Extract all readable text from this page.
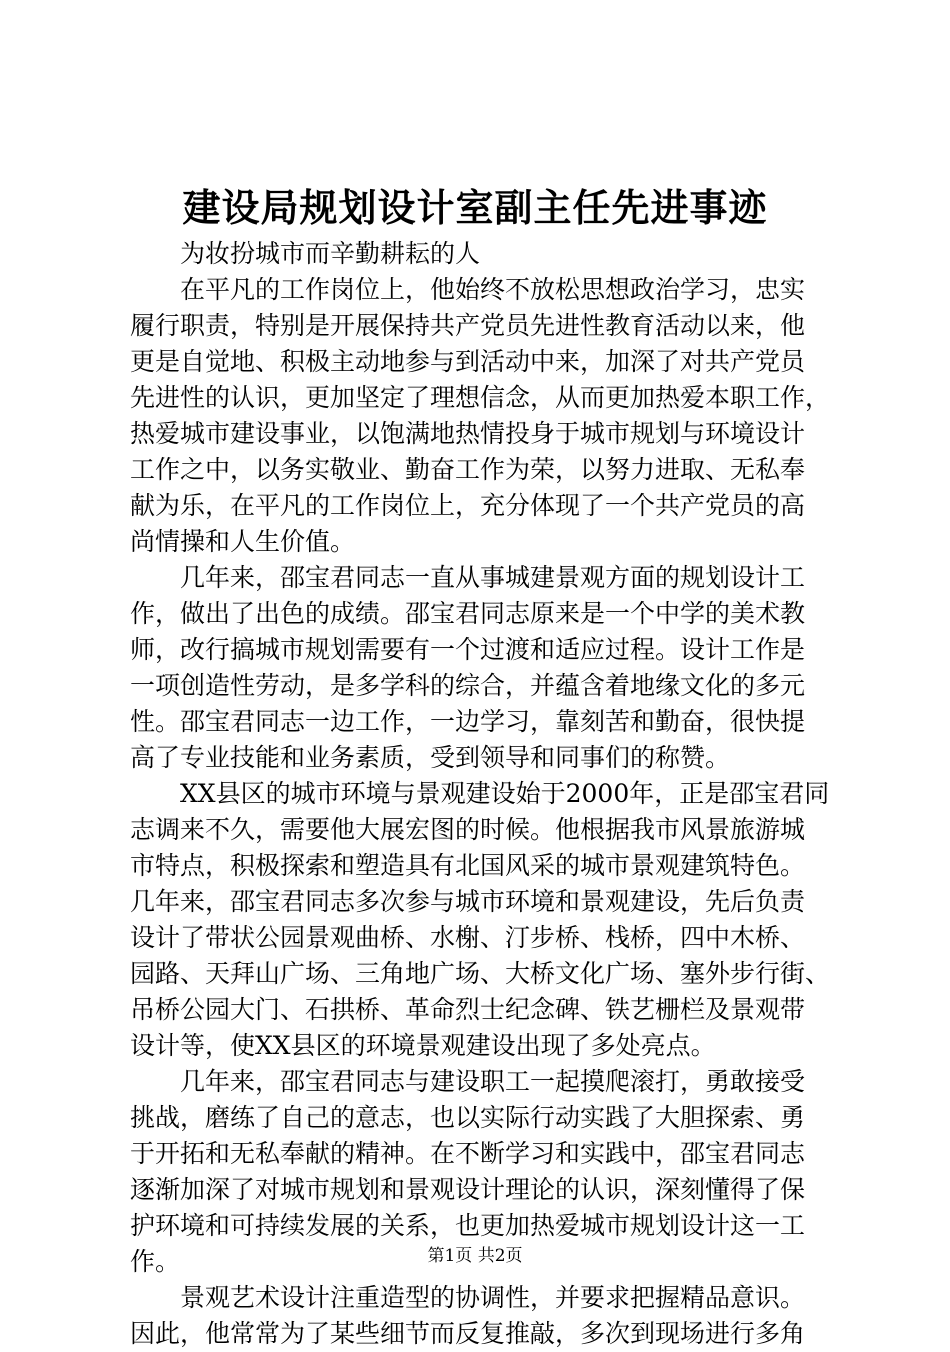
建设局规划设计室副主任先进事迹
　　为妆扮城市而辛勤耕耘的人
　　在平凡的工作岗位上，他始终不放松思想政治学习，忠实
履行职责，特别是开展保持共产党员先进性教育活动以来，他
更是自觉地、积极主动地参与到活动中来，加深了对共产党员
先进性的认识，更加坚定了理想信念，从而更加热爱本职工作，
热爱城市建设事业，以饱满地热情投身于城市规划与环境设计
工作之中，以务实敬业、勤奋工作为荣，以努力进取、无私奉
献为乐，在平凡的工作岗位上，充分体现了一个共产党员的高
尚情操和人生价值。
　　几年来，邵宝君同志一直从事城建景观方面的规划设计工
作，做出了出色的成绩。邵宝君同志原来是一个中学的美术教
师，改行搞城市规划需要有一个过渡和适应过程。设计工作是
一项创造性劳动，是多学科的综合，并蕴含着地缘文化的多元
性。邵宝君同志一边工作，一边学习，靠刻苦和勤奋，很快提
高了专业技能和业务素质，受到领导和同事们的称赞。
　　XX县区的城市环境与景观建设始于2000年，正是邵宝君同
志调来不久，需要他大展宏图的时候。他根据我市风景旅游城
市特点，积极探索和塑造具有北国风采的城市景观建筑特色。
几年来，邵宝君同志多次参与城市环境和景观建设，先后负责
设计了带状公园景观曲桥、水榭、汀步桥、栈桥，四中木桥、
园路、天拜山广场、三角地广场、大桥文化广场、塞外步行街、
吊桥公园大门、石拱桥、革命烈士纪念碑、铁艺栅栏及景观带
设计等，使XX县区的环境景观建设出现了多处亮点。
　　几年来，邵宝君同志与建设职工一起摸爬滚打，勇敢接受
挑战，磨练了自己的意志，也以实际行动实践了大胆探索、勇
于开拓和无私奉献的精神。在不断学习和实践中，邵宝君同志
逐渐加深了对城市规划和景观设计理论的认识，深刻懂得了保
护环境和可持续发展的关系，也更加热爱城市规划设计这一工
作。
　　景观艺术设计注重造型的协调性，并要求把握精品意识。
因此，他常常为了某些细节而反复推敲，多次到现场进行多角
第1页 共2页
